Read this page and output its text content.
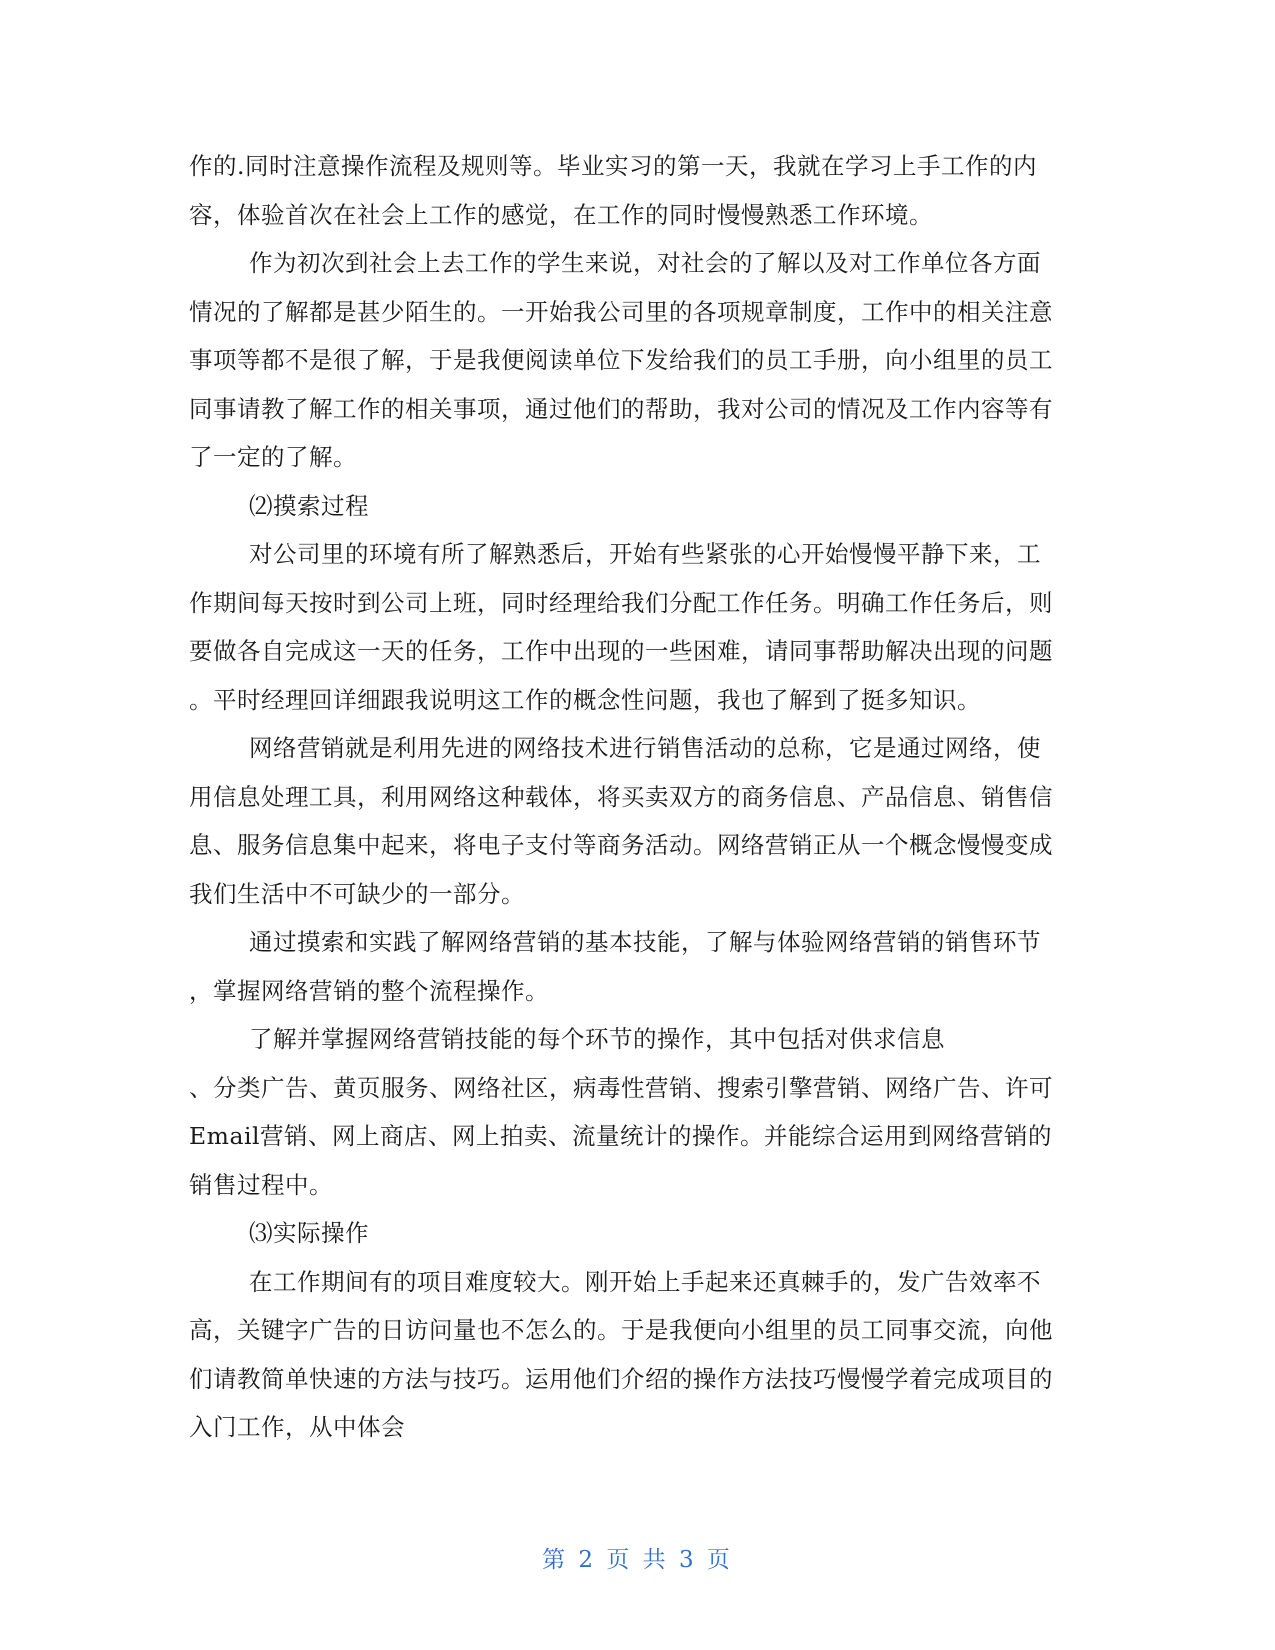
作的.同时注意操作流程及规则等。毕业实习的第一天，我就在学习上手工作的内
容，体验首次在社会上工作的感觉，在工作的同时慢慢熟悉工作环境。
作为初次到社会上去工作的学生来说，对社会的了解以及对工作单位各方面
情况的了解都是甚少陌生的。一开始我公司里的各项规章制度，工作中的相关注意
事项等都不是很了解，于是我便阅读单位下发给我们的员工手册，向小组里的员工
同事请教了解工作的相关事项，通过他们的帮助，我对公司的情况及工作内容等有
了一定的了解。
⑵摸索过程
对公司里的环境有所了解熟悉后，开始有些紧张的心开始慢慢平静下来，工
作期间每天按时到公司上班，同时经理给我们分配工作任务。明确工作任务后，则
要做各自完成这一天的任务，工作中出现的一些困难，请同事帮助解决出现的问题
。平时经理回详细跟我说明这工作的概念性问题，我也了解到了挺多知识。
网络营销就是利用先进的网络技术进行销售活动的总称，它是通过网络，使
用信息处理工具，利用网络这种载体，将买卖双方的商务信息、产品信息、销售信
息、服务信息集中起来，将电子支付等商务活动。网络营销正从一个概念慢慢变成
我们生活中不可缺少的一部分。
通过摸索和实践了解网络营销的基本技能，了解与体验网络营销的销售环节
，掌握网络营销的整个流程操作。
了解并掌握网络营销技能的每个环节的操作，其中包括对供求信息
、分类广告、黄页服务、网络社区，病毒性营销、搜索引擎营销、网络广告、许可
Email营销、网上商店、网上拍卖、流量统计的操作。并能综合运用到网络营销的
销售过程中。
⑶实际操作
在工作期间有的项目难度较大。刚开始上手起来还真棘手的，发广告效率不
高，关键字广告的日访问量也不怎么的。于是我便向小组里的员工同事交流，向他
们请教简单快速的方法与技巧。运用他们介绍的操作方法技巧慢慢学着完成项目的
入门工作，从中体会
第 2 页 共 3 页
